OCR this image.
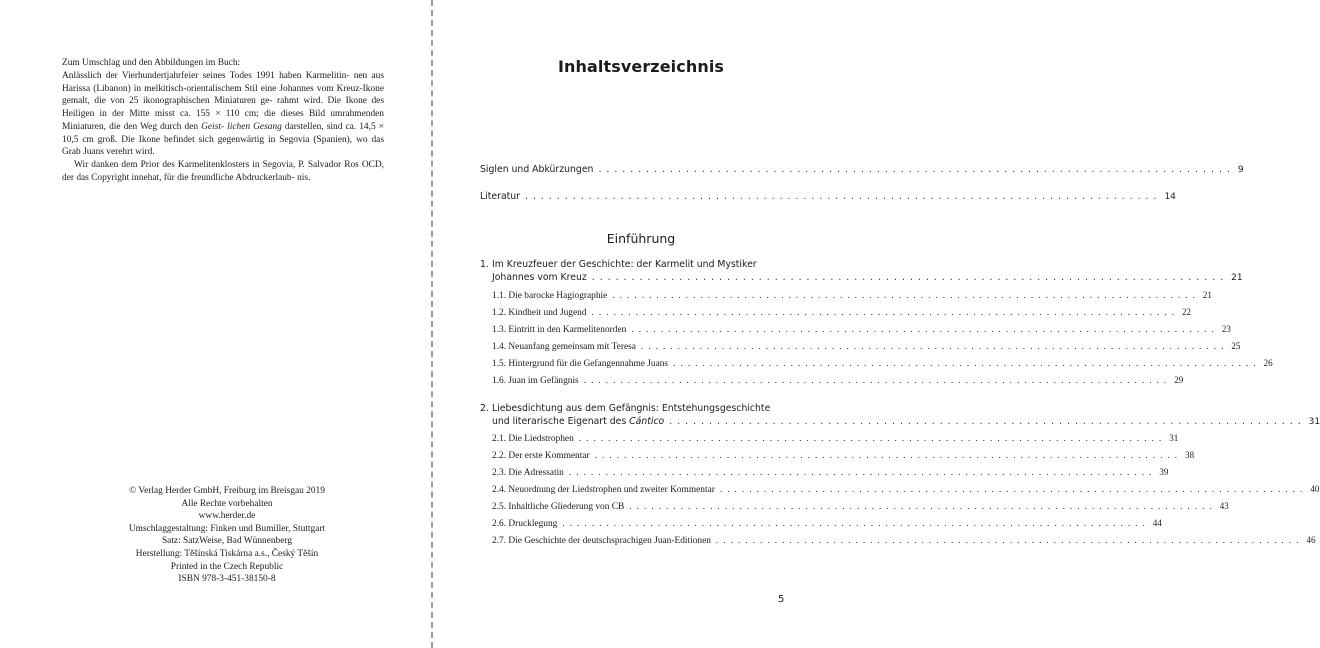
Zum Umschlag und den Abbildungen im Buch:

Anlässlich der Vierhundertjahrfeier seines Todes 1991 haben Karmelitin- nen aus Harissa (Libanon) in melkitisch-orientalischem Stil eine Johannes vom Kreuz-Ikone gemalt, die von 25 ikonographischen Miniaturen ge- rahmt wird. Die Ikone des Heiligen in der Mitte misst ca. 155 × 110 cm; die dieses Bild umrahmenden Miniaturen, die den Weg durch den Geist- lichen Gesang darstellen, sind ca. 14,5 × 10,5 cm groß. Die Ikone befindet sich gegenwärtig in Segovia (Spanien), wo das Grab Juans verehrt wird.

Wir danken dem Prior des Karmelitenklosters in Segovia, P. Salvador Ros OCD, der das Copyright innehat, für die freundliche Abdruckerlaub- nis.

© Verlag Herder GmbH, Freiburg im Breisgau 2019
Alle Rechte vorbehalten
www.herder.de
Umschlaggestaltung: Finken und Bumiller, Stuttgart
Satz: SatzWeise, Bad Wünnenberg
Herstellung: Těšínská Tiskárna a.s., Český Těšín
Printed in the Czech Republic
ISBN 978-3-451-38150-8
Inhaltsverzeichnis
Siglen und Abkürzungen ................................................................................ 9
Literatur ................................................................................ 14
Einführung
1. Im Kreuzfeuer der Geschichte: der Karmelit und Mystiker
Johannes vom Kreuz ................................................................................ 21
1.1. Die barocke Hagiographie ................................................................................ 21
1.2. Kindheit und Jugend ................................................................................ 22
1.3. Eintritt in den Karmelitenorden ................................................................................ 23
1.4. Neuanfang gemeinsam mit Teresa ................................................................................ 25
1.5. Hintergrund für die Gefangennahme Juans ................................................................................ 26
1.6. Juan im Gefängnis ................................................................................ 29
2. Liebesdichtung aus dem Gefängnis: Entstehungsgeschichte
und literarische Eigenart des Cántico ................................................................................ 31
2.1. Die Liedstrophen ................................................................................ 31
2.2. Der erste Kommentar ................................................................................ 38
2.3. Die Adressatin ................................................................................ 39
2.4. Neuordnung der Liedstrophen und zweiter Kommentar ................................................................................ 40
2.5. Inhaltliche Gliederung von CB ................................................................................ 43
2.6. Drucklegung ................................................................................ 44
2.7. Die Geschichte der deutschsprachigen Juan-Editionen ................................................................................ 46
5
